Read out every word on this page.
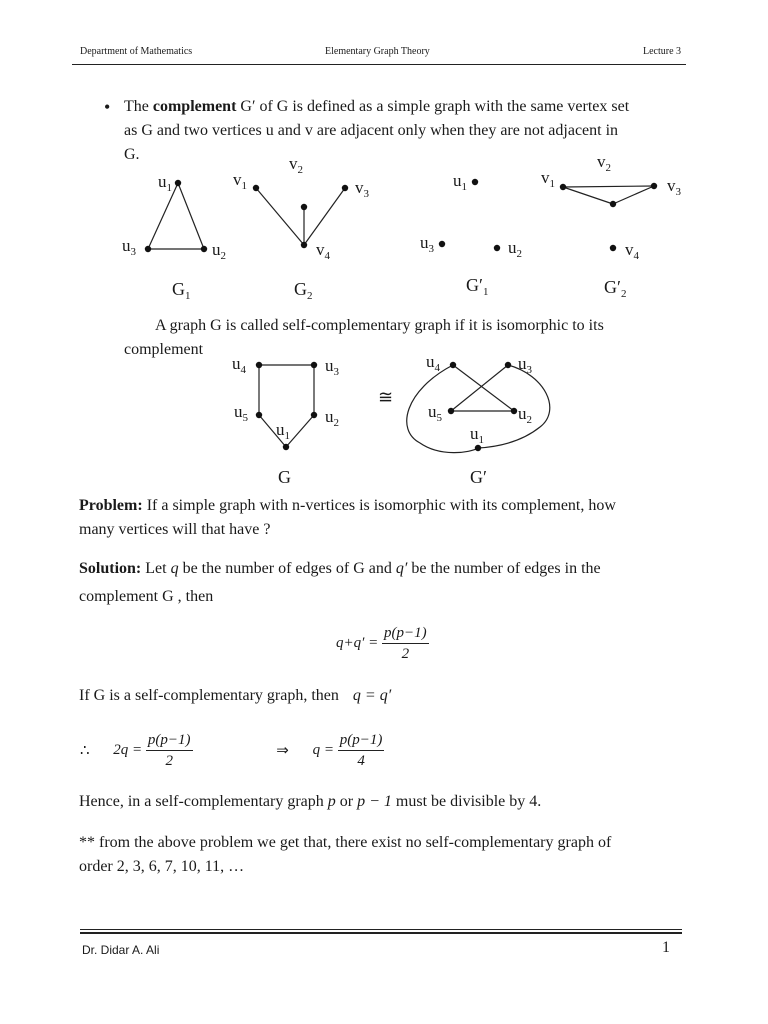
Department of Mathematics	Elementary Graph Theory	Lecture 3
• The complement G′ of G is defined as a simple graph with the same vertex set
as G and two vertices u and v are adjacent only when they are not adjacent in
G.
$u_1$
$u_3$	$u_2$
$G_1$
$v_1$
$v_2$
$v_3$
$v_4$
$G_2$
$u_1$
$u_3$	$u_2$
$G'_1$
$v_1$
$v_2$
$v_3$
$v_4$
$G'_2$
A graph G is called self-complementary graph if it is isomorphic to its
complement
$u_4$	$u_3$
$u_5$	$u_2$
$u_1$
G
≅
$u_4$	$u_3$
$u_5$	$u_2$
$u_1$
G′
Problem: If a simple graph with n-vertices is isomorphic with its complement, how
many vertices will that have ?
Solution: Let q be the number of edges of G and q′ be the number of edges in the
complement G , then
$q+q' = \frac{p(p-1)}{2}$
If G is a self-complementary graph, then q = q′
∴ $2q = \frac{p(p-1)}{2}$	⇒ $q = \frac{p(p-1)}{4}$
Hence, in a self-complementary graph p or p − 1 must be divisible by 4.
** from the above problem we get that, there exist no self-complementary graph of
order 2, 3, 6, 7, 10, 11, …
Dr. Didar A. Ali	1
